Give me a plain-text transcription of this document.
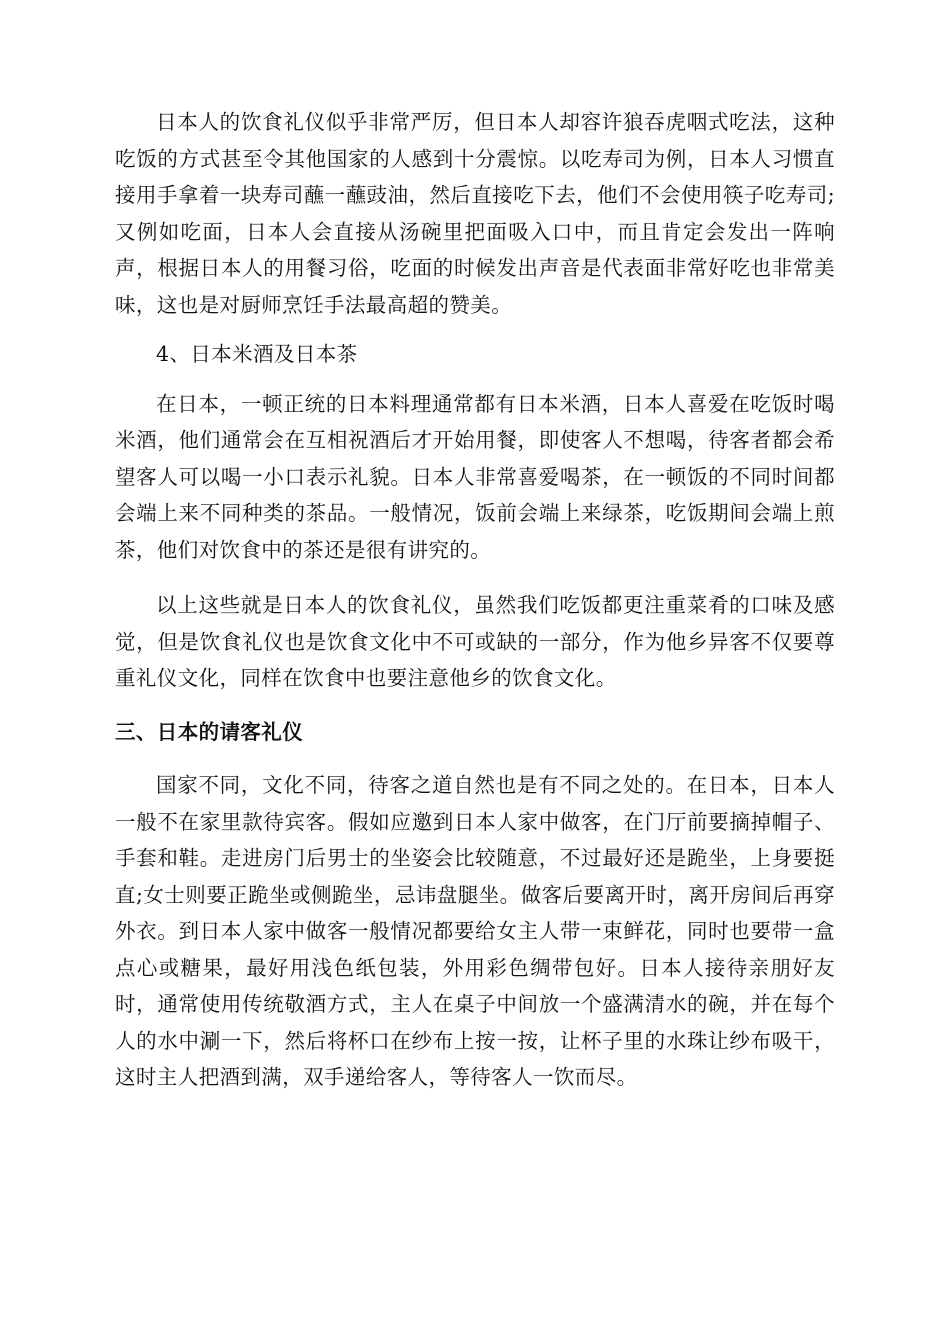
日本人的饮食礼仪似乎非常严厉，但日本人却容许狼吞虎咽式吃法，这种吃饭的方式甚至令其他国家的人感到十分震惊。以吃寿司为例，日本人习惯直接用手拿着一块寿司蘸一蘸豉油，然后直接吃下去，他们不会使用筷子吃寿司;又例如吃面，日本人会直接从汤碗里把面吸入口中，而且肯定会发出一阵响声，根据日本人的用餐习俗，吃面的时候发出声音是代表面非常好吃也非常美味，这也是对厨师烹饪手法最高超的赞美。

4、日本米酒及日本茶

在日本，一顿正统的日本料理通常都有日本米酒，日本人喜爱在吃饭时喝米酒，他们通常会在互相祝酒后才开始用餐，即使客人不想喝，待客者都会希望客人可以喝一小口表示礼貌。日本人非常喜爱喝茶，在一顿饭的不同时间都会端上来不同种类的茶品。一般情况，饭前会端上来绿茶，吃饭期间会端上煎茶，他们对饮食中的茶还是很有讲究的。

以上这些就是日本人的饮食礼仪，虽然我们吃饭都更注重菜肴的口味及感觉，但是饮食礼仪也是饮食文化中不可或缺的一部分，作为他乡异客不仅要尊重礼仪文化，同样在饮食中也要注意他乡的饮食文化。

三、日本的请客礼仪

国家不同，文化不同，待客之道自然也是有不同之处的。在日本，日本人一般不在家里款待宾客。假如应邀到日本人家中做客，在门厅前要摘掉帽子、手套和鞋。走进房门后男士的坐姿会比较随意，不过最好还是跪坐，上身要挺直;女士则要正跪坐或侧跪坐，忌讳盘腿坐。做客后要离开时，离开房间后再穿外衣。到日本人家中做客一般情况都要给女主人带一束鲜花，同时也要带一盒点心或糖果，最好用浅色纸包装，外用彩色绸带包好。日本人接待亲朋好友时，通常使用传统敬酒方式，主人在桌子中间放一个盛满清水的碗，并在每个人的水中涮一下，然后将杯口在纱布上按一按，让杯子里的水珠让纱布吸干，这时主人把酒到满，双手递给客人，等待客人一饮而尽。
